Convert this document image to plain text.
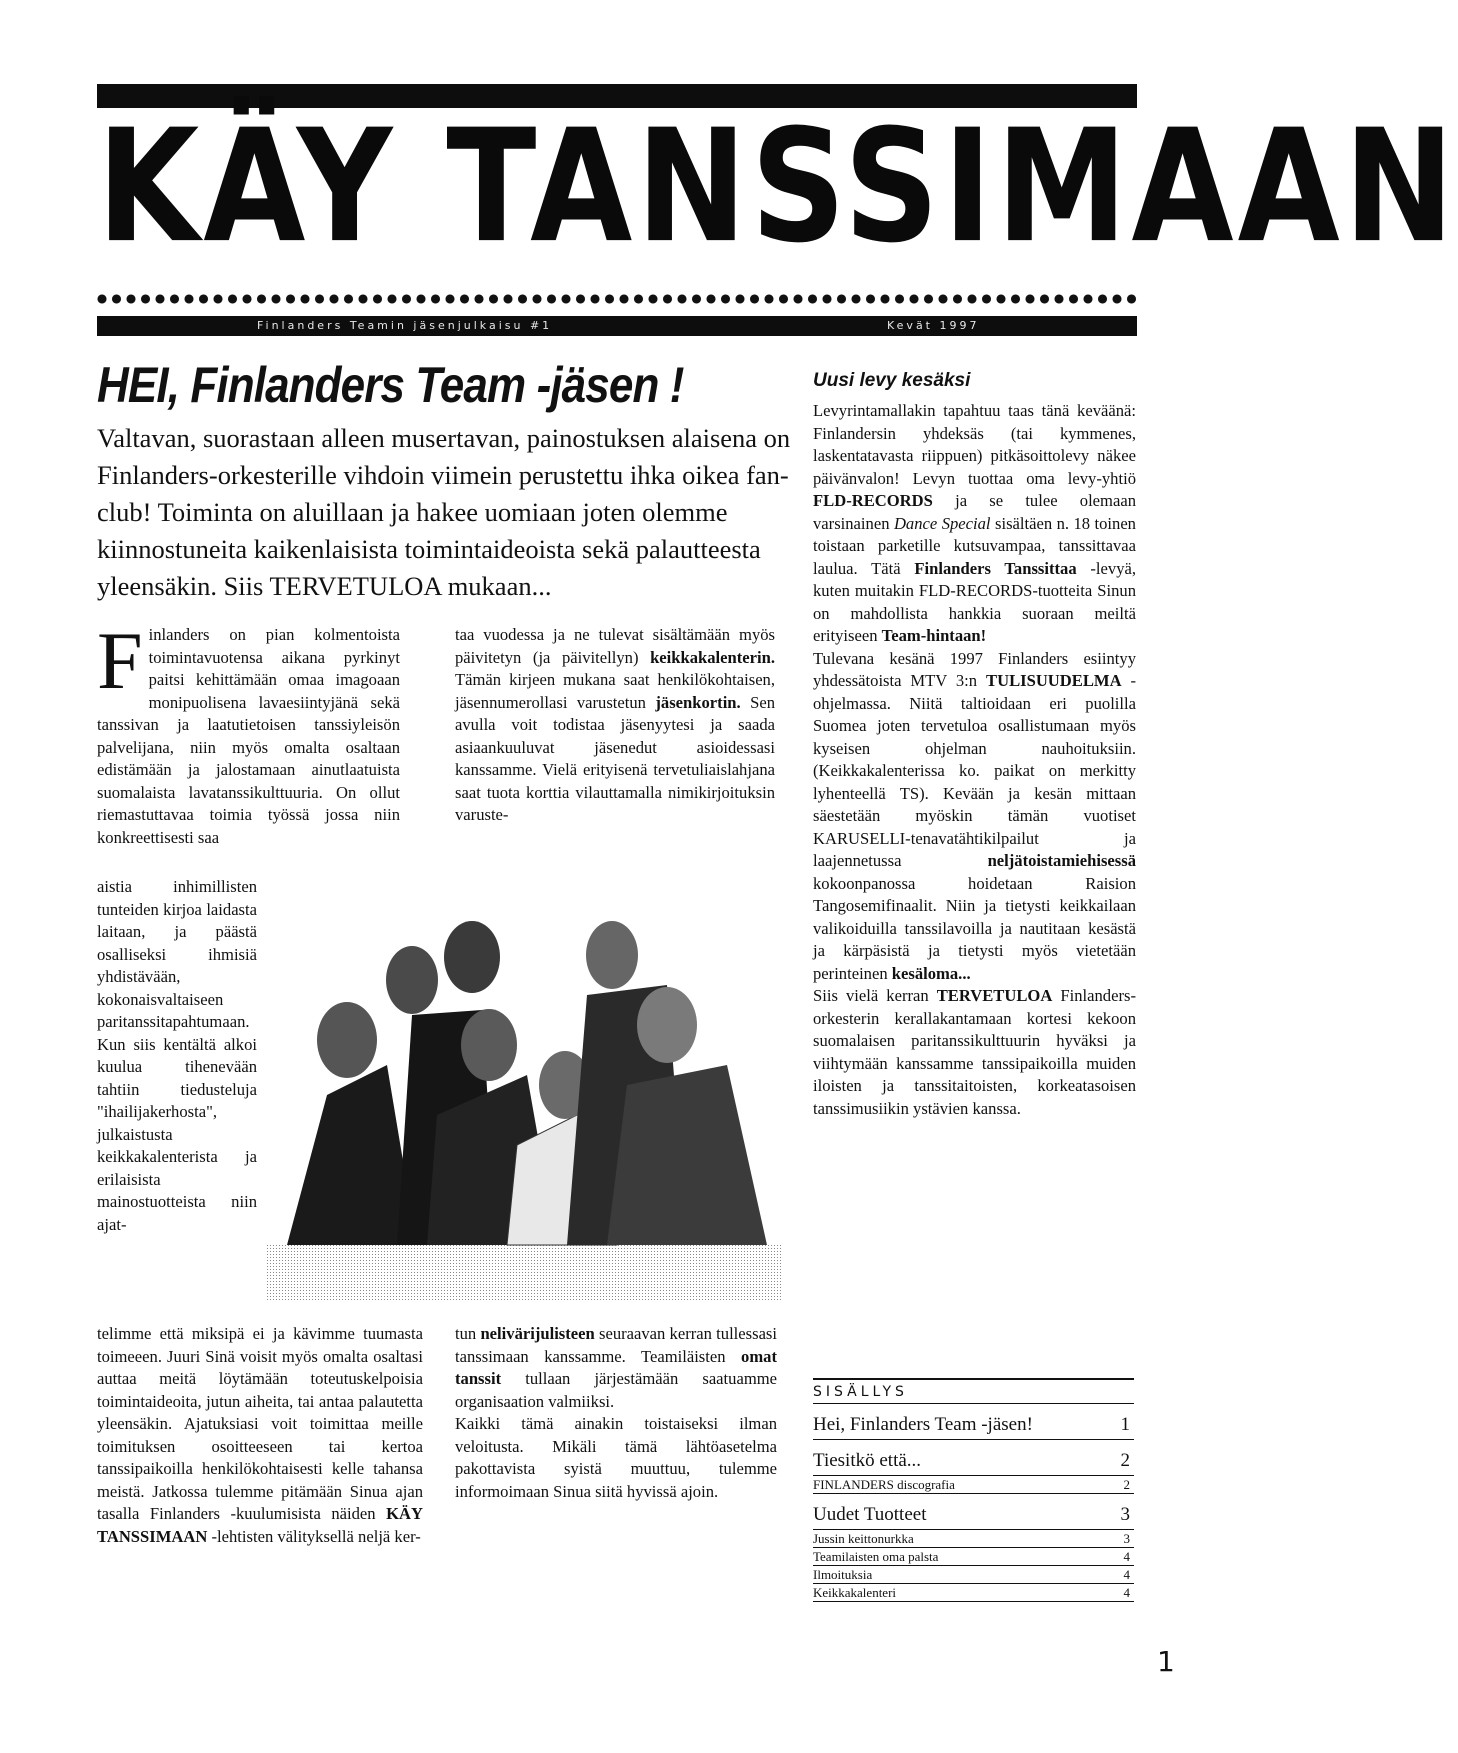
KÄY TANSSIMAAN
Finlanders Teamin jäsenjulkaisu #1	Kevät 1997
HEI, Finlanders Team -jäsen !
Valtavan, suorastaan alleen musertavan, painostuksen alaisena on Finlanders-orkesterille vihdoin viimein perustettu ihka oikea fan-club! Toiminta on aluillaan ja hakee uomiaan joten olemme kiinnostuneita kaikenlaisista toimintaideoista sekä palautteesta yleensäkin. Siis TERVETULOA mukaan...
Finlanders on pian kolmentoista toimintavuotensa aikana pyrkinyt paitsi kehittämään omaa imagoaan monipuolisena lavaesiintyjänä sekä tanssivan ja laatutietoisen tanssiyleisön palvelijana, niin myös omalta osaltaan edistämään ja jalostamaan ainutlaatuista suomalaista lavatanssikulttuuria. On ollut riemastuttavaa toimia työssä jossa niin konkreettisesti saa
aistia inhimillisten tunteiden kirjoa laidasta laitaan, ja päästä osalliseksi ihmisiä yhdistävään, kokonaisvaltaiseen paritanssitapahtumaan. Kun siis kentältä alkoi kuulua tihenevään tahtiin tiedusteluja "ihailijakerhosta", julkaistusta keikkakalenterista ja erilaisista mainostuotteista niin ajat-
telimme että miksipä ei ja kävimme tuumasta toimeeen. Juuri Sinä voisit myös omalta osaltasi auttaa meitä löytämään toteutuskelpoisia toimintaideoita, jutun aiheita, tai antaa palautetta yleensäkin. Ajatuksiasi voit toimittaa meille toimituksen osoitteeseen tai kertoa tanssipaikoilla henkilökohtaisesti kelle tahansa meistä. Jatkossa tulemme pitämään Sinua ajan tasalla Finlanders -kuulumisista näiden KÄY TANSSIMAAN -lehtisten välityksellä neljä ker-
taa vuodessa ja ne tulevat sisältämään myös päivitetyn (ja päivitellyn) keikkakalenterin. Tämän kirjeen mukana saat henkilökohtaisen, jäsennumerollasi varustetun jäsenkortin. Sen avulla voit todistaa jäsenyytesi ja saada asiaankuuluvat jäsenedut asioidessasi kanssamme. Vielä erityisenä tervetuliaislahjana saat tuota korttia vilauttamalla nimikirjoituksin varuste-
tun nelivärijulisteen seuraavan kerran tullessasi tanssimaan kanssamme. Teamiläisten omat tanssit tullaan järjestämään saatuamme organisaation valmiiksi.
Kaikki tämä ainakin toistaiseksi ilman veloitusta. Mikäli tämä lähtöasetelma pakottavista syistä muuttuu, tulemme informoimaan Sinua siitä hyvissä ajoin.
Uusi levy kesäksi
Levyrintamallakin tapahtuu taas tänä keväänä: Finlandersin yhdeksäs (tai kymmenes, laskentatavasta riippuen) pitkäsoittolevy näkee päivänvalon! Levyn tuottaa oma levy-yhtiö FLD-RECORDS ja se tulee olemaan varsinainen Dance Special sisältäen n. 18 toinen toistaan parketille kutsuvampaa, tanssittavaa laulua. Tätä Finlanders Tanssittaa -levyä, kuten muitakin FLD-RECORDS-tuotteita Sinun on mahdollista hankkia suoraan meiltä erityiseen Team-hintaan!
Tulevana kesänä 1997 Finlanders esiintyy yhdessätoista MTV 3:n TULISUUDELMA -ohjelmassa. Niitä taltioidaan eri puolilla Suomea joten tervetuloa osallistumaan myös kyseisen ohjelman nauhoituksiin. (Keikkakalenterissa ko. paikat on merkitty lyhenteellä TS). Kevään ja kesän mittaan säestetään myöskin tämän vuotiset KARUSELLI-tenavatähtikilpailut ja laajennetussa	neljätoistamiehisessä kokoonpanossa hoidetaan Raision Tangosemifinaalit. Niin ja tietysti keikkailaan valikoiduilla tanssilavoilla ja nautitaan kesästä ja kärpäsistä ja tietysti myös vietetään perinteinen kesäloma...
Siis vielä kerran TERVETULOA Finlanders-orkesterin kerallakantamaan kortesi kekoon suomalaisen paritanssikulttuurin hyväksi ja viihtymään kanssamme tanssipaikoilla muiden iloisten ja tanssitaitoisten, korkeatasoisen tanssimusiikin ystävien kanssa.
SISÄLLYS
Hei, Finlanders Team -jäsen!	1
Tiesitkö että...	2
FINLANDERS discografia	2
Uudet Tuotteet	3
Jussin keittonurkka	3
Teamilaisten oma palsta	4
Ilmoituksia	4
Keikkakalenteri	4
1
